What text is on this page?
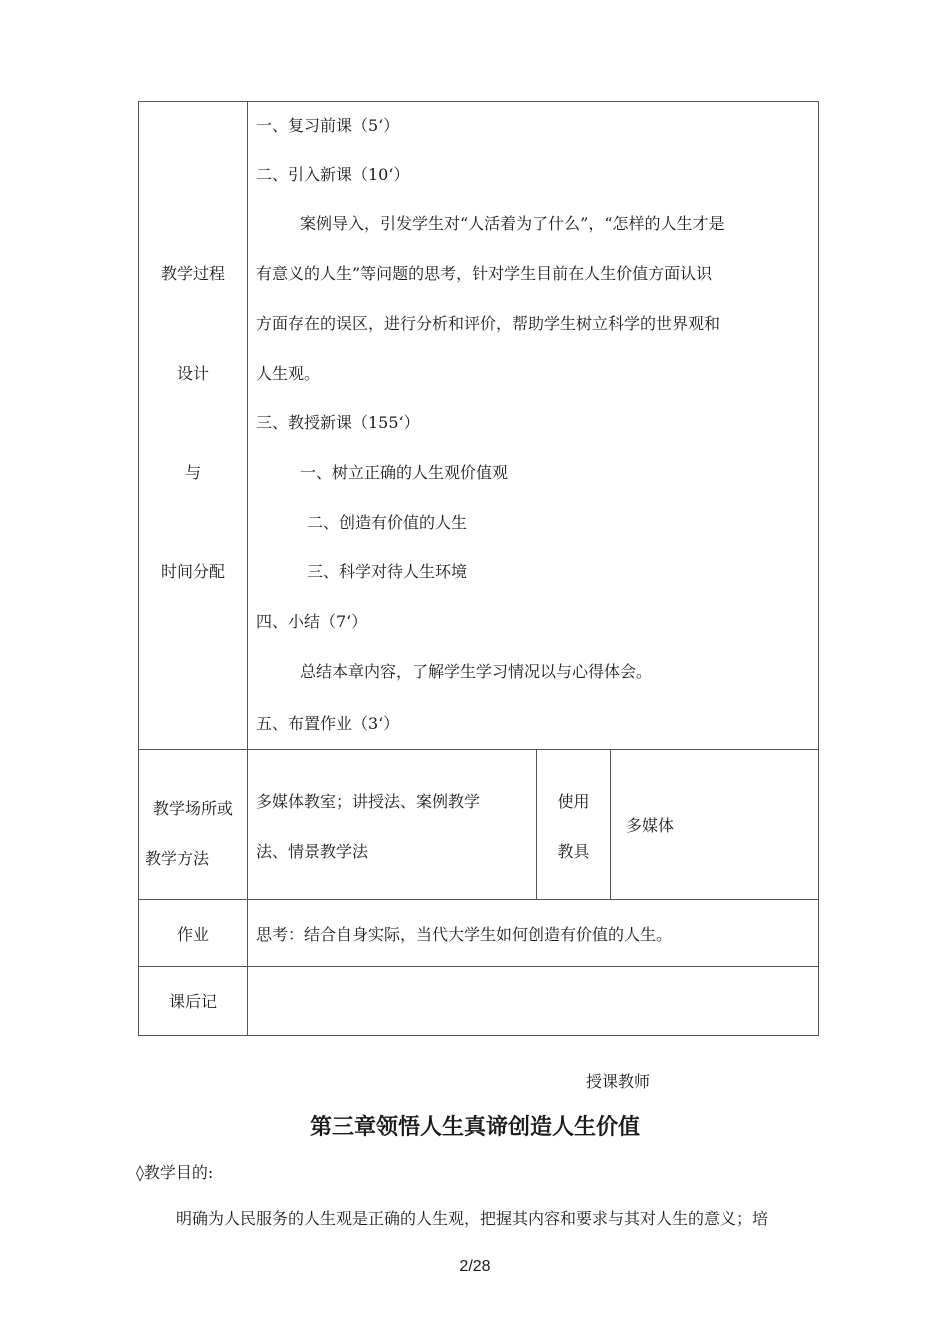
教学过程
设计
与
时间分配
一、复习前课（5‘）
二、引入新课（10‘）
案例导入，引发学生对“人活着为了什么”，“怎样的人生才是
有意义的人生”等问题的思考，针对学生目前在人生价值方面认识
方面存在的误区，进行分析和评价，帮助学生树立科学的世界观和
人生观。
三、教授新课（155‘）
一、树立正确的人生观价值观
二、创造有价值的人生
三、科学对待人生环境
四、小结（7‘）
总结本章内容，了解学生学习情况以与心得体会。
五、布置作业（3‘）
教学场所或
教学方法
多媒体教室；讲授法、案例教学
法、情景教学法
使用
教具
多媒体
作业	思考：结合自身实际，当代大学生如何创造有价值的人生。
课后记
授课教师
第三章领悟人生真谛创造人生价值
◊教学目的:
明确为人民服务的人生观是正确的人生观，把握其内容和要求与其对人生的意义；培
2/28
